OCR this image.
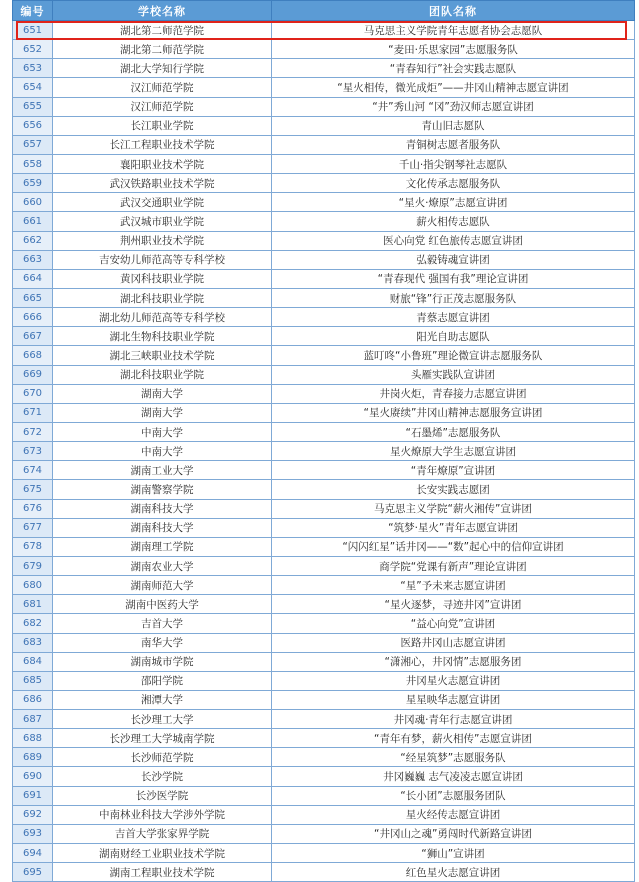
编号	学校名称	团队名称
651	湖北第二师范学院	马克思主义学院青年志愿者协会志愿队
652	湖北第二师范学院	“麦田·乐思家园”志愿服务队
653	湖北大学知行学院	“青春知行”社会实践志愿队
654	汉江师范学院	“星火相传，微光成炬”——井冈山精神志愿宣讲团
655	汉江师范学院	“井”秀山河 “冈”劲汉师志愿宣讲团
656	长江职业学院	青山旧志愿队
657	长江工程职业技术学院	青铜树志愿者服务队
658	襄阳职业技术学院	千山·指尖钢琴社志愿队
659	武汉铁路职业技术学院	文化传承志愿服务队
660	武汉交通职业学院	“星火·燎原”志愿宣讲团
661	武汉城市职业学院	薪火相传志愿队
662	荆州职业技术学院	医心向党 红色旅传志愿宣讲团
663	吉安幼儿师范高等专科学校	弘毅铸魂宣讲团
664	黄冈科技职业学院	“青春现代 强国有我”理论宣讲团
665	湖北科技职业学院	财旅“锋”行正茂志愿服务队
666	湖北幼儿师范高等专科学校	青蔡志愿宣讲团
667	湖北生物科技职业学院	阳光自助志愿队
668	湖北三峡职业技术学院	蓝叮咚“小鲁班”理论微宣讲志愿服务队
669	湖北科技职业学院	头雁实践队宣讲团
670	湖南大学	井岗火炬，青春接力志愿宣讲团
671	湖南大学	“星火赓续”井冈山精神志愿服务宣讲团
672	中南大学	“石墨烯”志愿服务队
673	中南大学	星火燎原大学生志愿宣讲团
674	湖南工业大学	“青年燎原”宣讲团
675	湖南警察学院	长安实践志愿团
676	湖南科技大学	马克思主义学院“薪火湘传”宣讲团
677	湖南科技大学	“筑梦·星火”青年志愿宣讲团
678	湖南理工学院	“闪闪红星”话井冈——“数”起心中的信仰宣讲团
679	湖南农业大学	商学院“党课有新声”理论宣讲团
680	湖南师范大学	“星”予未来志愿宣讲团
681	湖南中医药大学	“星火逐梦，寻迹井冈”宣讲团
682	吉首大学	“益心向党”宣讲团
683	南华大学	医路井冈山志愿宣讲团
684	湖南城市学院	“潇湘心，井冈情”志愿服务团
685	邵阳学院	井冈星火志愿宣讲团
686	湘潭大学	星星映华志愿宣讲团
687	长沙理工大学	井冈魂·青年行志愿宣讲团
688	长沙理工大学城南学院	“青年有梦，薪火相传”志愿宣讲团
689	长沙师范学院	“经星筑梦”志愿服务队
690	长沙学院	井冈巍巍 志气凌凌志愿宣讲团
691	长沙医学院	“长小团”志愿服务团队
692	中南林业科技大学涉外学院	星火经传志愿宣讲团
693	吉首大学张家界学院	“井冈山之魂”勇闯时代新路宣讲团
694	湖南财经工业职业技术学院	“狮山”宣讲团
695	湖南工程职业技术学院	红色星火志愿宣讲团
